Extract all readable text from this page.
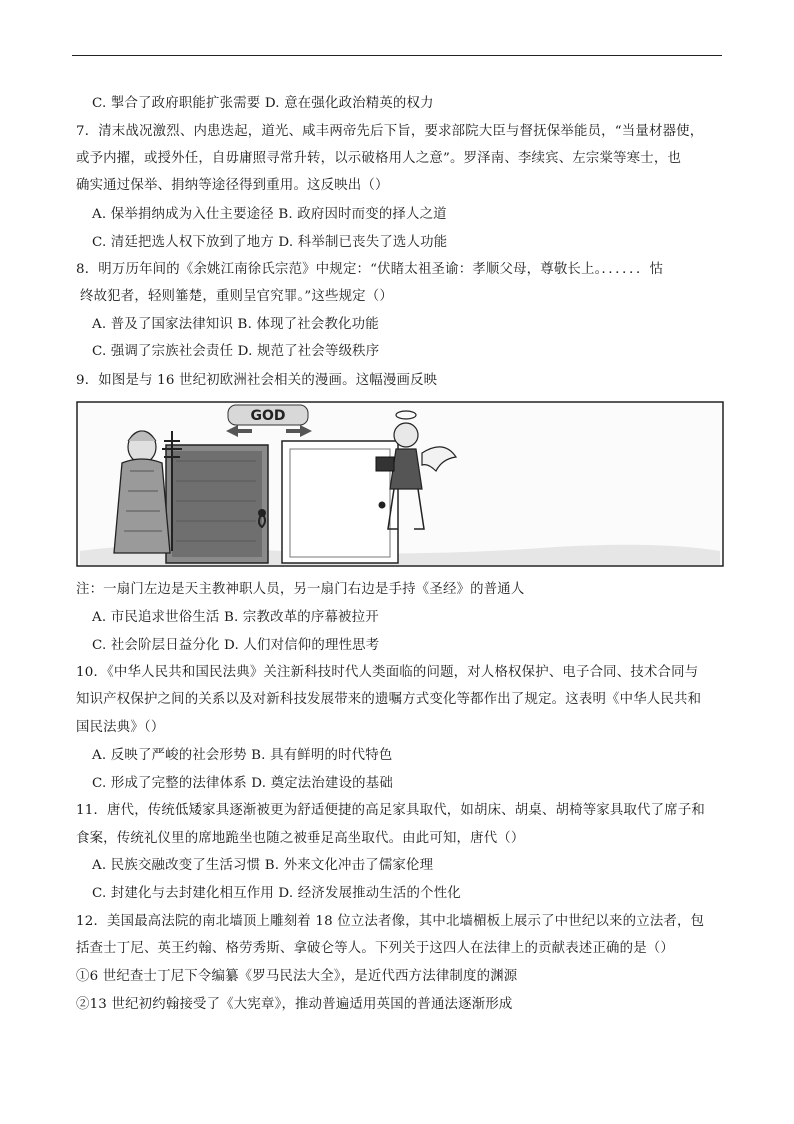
C. 掣合了政府职能扩张需要 D. 意在强化政治精英的权力
7．清末战况激烈、内患迭起，道光、咸丰两帝先后下旨，要求部院大臣与督抚保举能员，“当量材器使，
或予内擢，或授外任，自毋庸照寻常升转，以示破格用人之意”。罗泽南、李续宾、左宗棠等寒士，也
确实通过保举、捐纳等途径得到重用。这反映出（）
A. 保举捐纳成为入仕主要途径 B. 政府因时而变的择人之道
C. 清廷把选人权下放到了地方 D. 科举制已丧失了选人功能
8．明万历年间的《余姚江南徐氏宗范》中规定：“伏睹太祖圣谕：孝顺父母，尊敬长上。．．．．．．怙
终故犯者，轻则箠楚，重则呈官究罪。”这些规定（）
A. 普及了国家法律知识 B. 体现了社会教化功能
C. 强调了宗族社会责任 D. 规范了社会等级秩序
9．如图是与 16 世纪初欧洲社会相关的漫画。这幅漫画反映
GOD
注：一扇门左边是天主教神职人员，另一扇门右边是手持《圣经》的普通人
A. 市民追求世俗生活 B. 宗教改革的序幕被拉开
C. 社会阶层日益分化 D. 人们对信仰的理性思考
10．《中华人民共和国民法典》关注新科技时代人类面临的问题，对人格权保护、电子合同、技术合同与
知识产权保护之间的关系以及对新科技发展带来的遗嘱方式变化等都作出了规定。这表明《中华人民共和
国民法典》（）
A. 反映了严峻的社会形势 B. 具有鲜明的时代特色
C. 形成了完整的法律体系 D. 奠定法治建设的基础
11．唐代，传统低矮家具逐渐被更为舒适便捷的高足家具取代，如胡床、胡桌、胡椅等家具取代了席子和
食案，传统礼仪里的席地跪坐也随之被垂足高坐取代。由此可知，唐代（）
A. 民族交融改变了生活习惯 B. 外来文化冲击了儒家伦理
C. 封建化与去封建化相互作用 D. 经济发展推动生活的个性化
12．美国最高法院的南北墙顶上雕刻着 18 位立法者像，其中北墙楣板上展示了中世纪以来的立法者，包
括查士丁尼、英王约翰、格劳秀斯、拿破仑等人。下列关于这四人在法律上的贡献表述正确的是（）
①6 世纪查士丁尼下令编纂《罗马民法大全》，是近代西方法律制度的渊源
②13 世纪初约翰接受了《大宪章》，推动普遍适用英国的普通法逐渐形成
